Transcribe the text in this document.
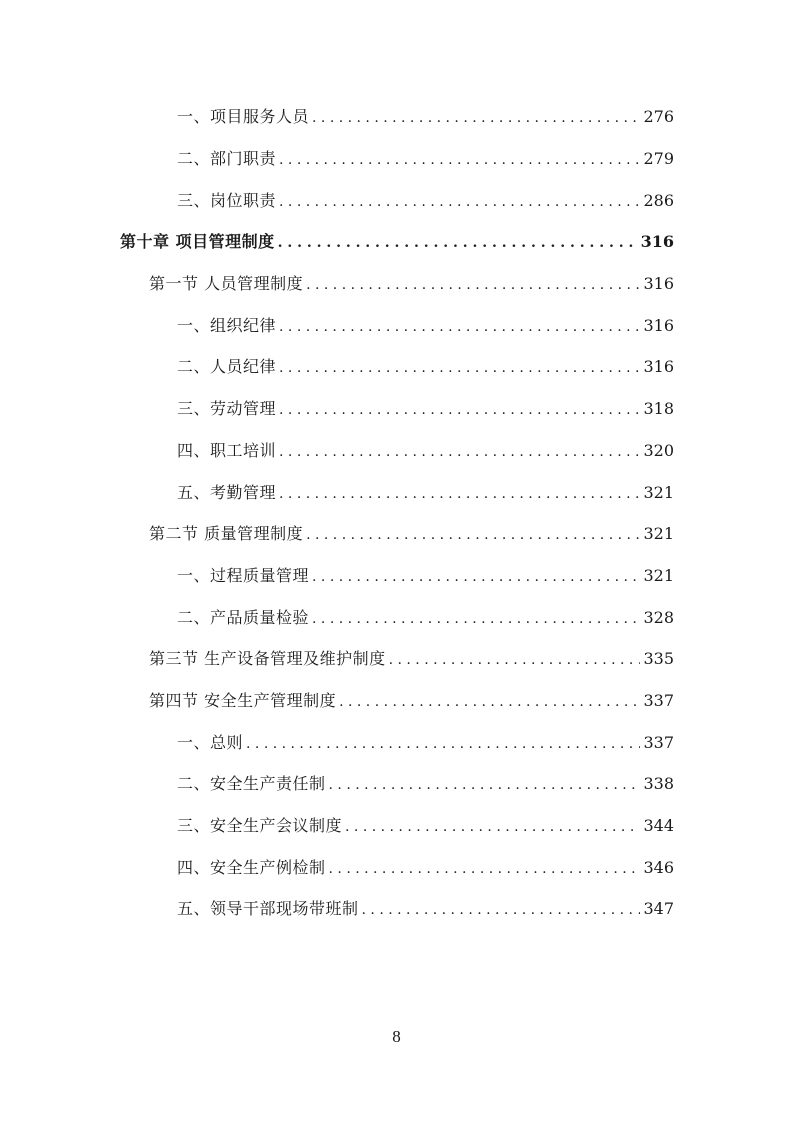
一、项目服务人员 . . .	276
二、部门职责 . . .	279
三、岗位职责 . . .	286
第十章 项目管理制度 . . .	316
第一节 人员管理制度 . . .	316
一、组织纪律 . . .	316
二、人员纪律 . . .	316
三、劳动管理 . . .	318
四、职工培训 . . .	320
五、考勤管理 . . .	321
第二节 质量管理制度 . . .	321
一、过程质量管理 . . .	321
二、产品质量检验 . . .	328
第三节 生产设备管理及维护制度 . . .	335
第四节 安全生产管理制度 . . .	337
一、总则 . . .	337
二、安全生产责任制 . . .	338
三、安全生产会议制度 . . .	344
四、安全生产例检制 . . .	346
五、领导干部现场带班制 . . .	347
8
